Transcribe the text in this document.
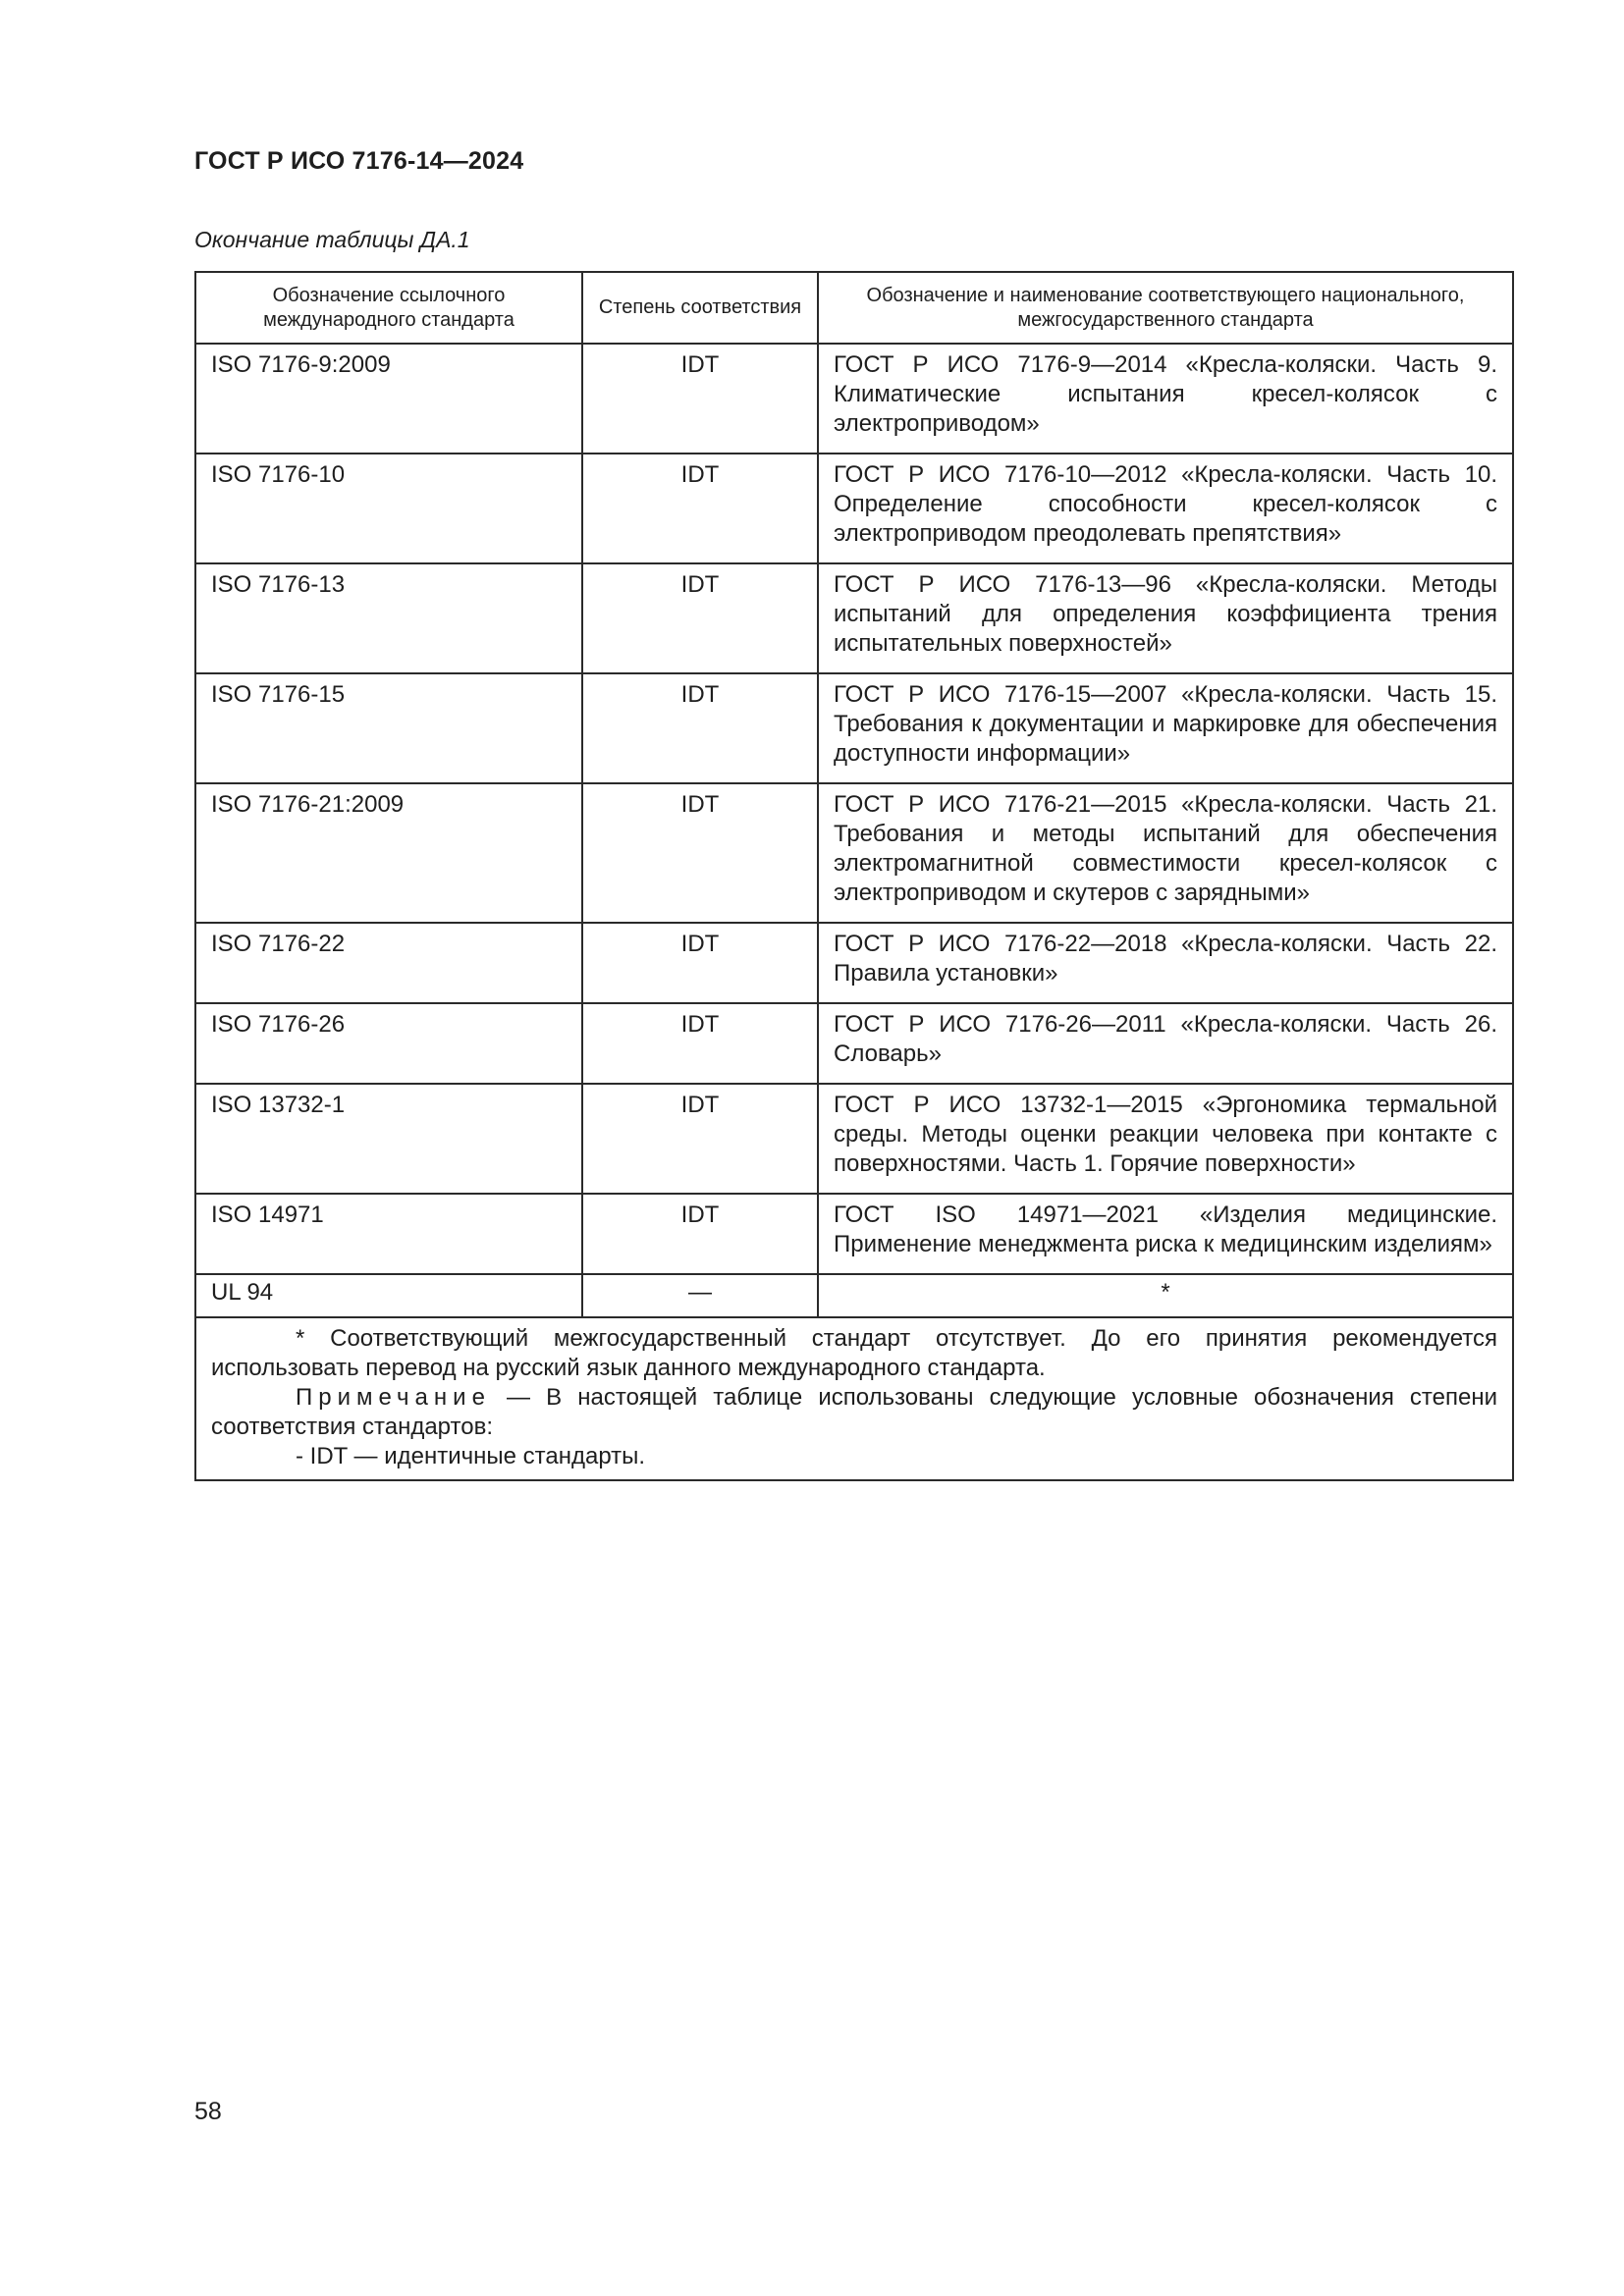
ГОСТ Р ИСО 7176-14—2024
Окончание таблицы ДА.1
Обозначение ссылочного международного стандарта	Степень соответствия	Обозначение и наименование соответствующего национального, межгосударственного стандарта
ISO 7176-9:2009	IDT	ГОСТ Р ИСО 7176-9—2014 «Кресла-коляски. Часть 9. Климатические испытания кресел-колясок с электроприводом»
ISO 7176-10	IDT	ГОСТ Р ИСО 7176-10—2012 «Кресла-коляски. Часть 10. Определение способности кресел-колясок с электроприводом преодолевать препятствия»
ISO 7176-13	IDT	ГОСТ Р ИСО 7176-13—96 «Кресла-коляски. Методы испытаний для определения коэффициента трения испытательных поверхностей»
ISO 7176-15	IDT	ГОСТ Р ИСО 7176-15—2007 «Кресла-коляски. Часть 15. Требования к документации и маркировке для обеспечения доступности информации»
ISO 7176-21:2009	IDT	ГОСТ Р ИСО 7176-21—2015 «Кресла-коляски. Часть 21. Требования и методы испытаний для обеспечения электромагнитной совместимости кресел-колясок с электроприводом и скутеров с зарядными»
ISO 7176-22	IDT	ГОСТ Р ИСО 7176-22—2018 «Кресла-коляски. Часть 22. Правила установки»
ISO 7176-26	IDT	ГОСТ Р ИСО 7176-26—2011 «Кресла-коляски. Часть 26. Словарь»
ISO 13732-1	IDT	ГОСТ Р ИСО 13732-1—2015 «Эргономика термальной среды. Методы оценки реакции человека при контакте с поверхностями. Часть 1. Горячие поверхности»
ISO 14971	IDT	ГОСТ ISO 14971—2021 «Изделия медицинские. Применение менеджмента риска к медицинским изделиям»
UL 94	—	*

* Соответствующий межгосударственный стандарт отсутствует. До его принятия рекомендуется использовать перевод на русский язык данного международного стандарта.
Примечание — В настоящей таблице использованы следующие условные обозначения степени соответствия стандартов:
- IDT — идентичные стандарты.		
58
